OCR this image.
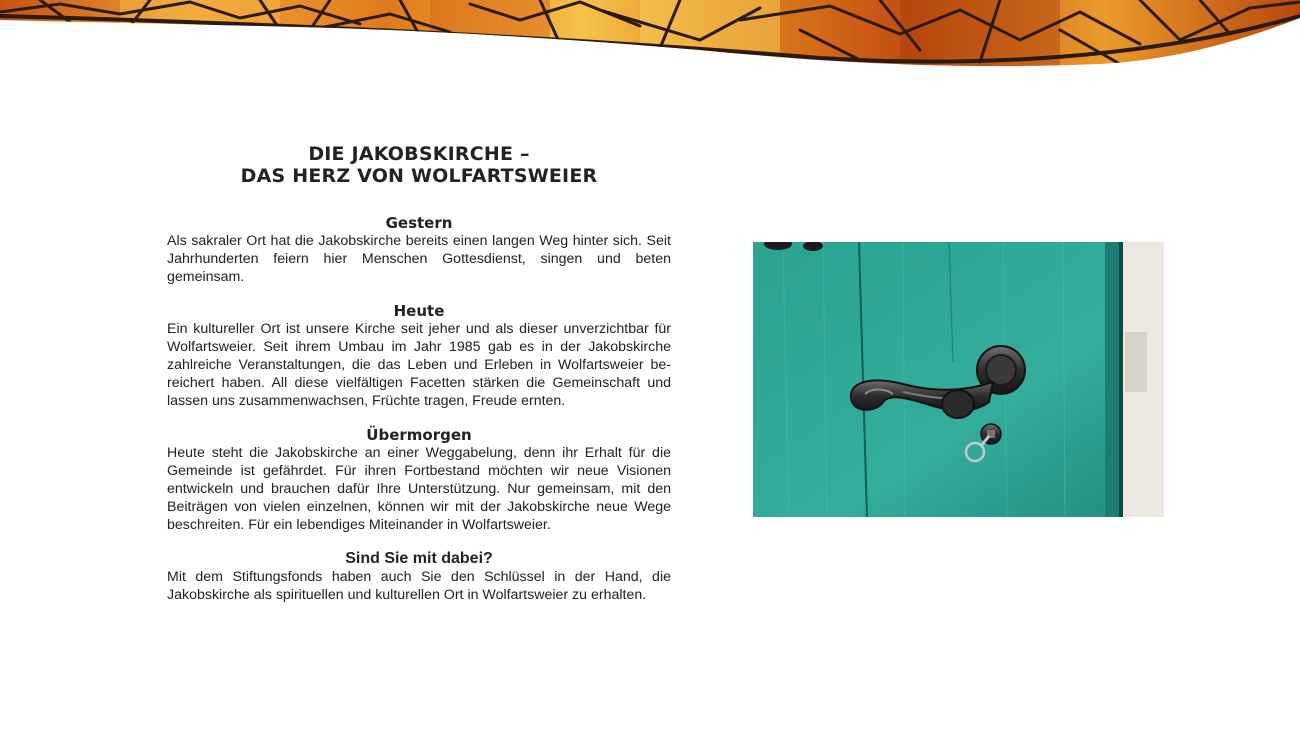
DIE JAKOBSKIRCHE –
DAS HERZ VON WOLFARTSWEIER
Gestern

Als sakraler Ort hat die Jakobskirche bereits einen langen Weg hinter sich. Seit Jahrhunderten feiern hier Menschen Gottesdienst, singen und beten gemeinsam.

Heute

Ein kultureller Ort ist unsere Kirche seit jeher und als dieser unverzichtbar für Wolfartsweier. Seit ihrem Umbau im Jahr 1985 gab es in der Jakobskirche zahlreiche Veranstaltungen, die das Leben und Erleben in Wolfartsweier be-reichert haben. All diese vielfältigen Facetten stärken die Gemeinschaft und lassen uns zusammenwachsen, Früchte tragen, Freude ernten.

Übermorgen

Heute steht die Jakobskirche an einer Weggabelung, denn ihr Erhalt für die Gemeinde ist gefährdet. Für ihren Fortbestand möchten wir neue Visionen entwickeln und brauchen dafür Ihre Unterstützung. Nur gemeinsam, mit den Beiträgen von vielen einzelnen, können wir mit der Jakobskirche neue Wege beschreiten. Für ein lebendiges Miteinander in Wolfartsweier.

Sind Sie mit dabei?

Mit dem Stiftungsfonds haben auch Sie den Schlüssel in der Hand, die Jakobskirche als spirituellen und kulturellen Ort in Wolfartsweier zu erhalten.
